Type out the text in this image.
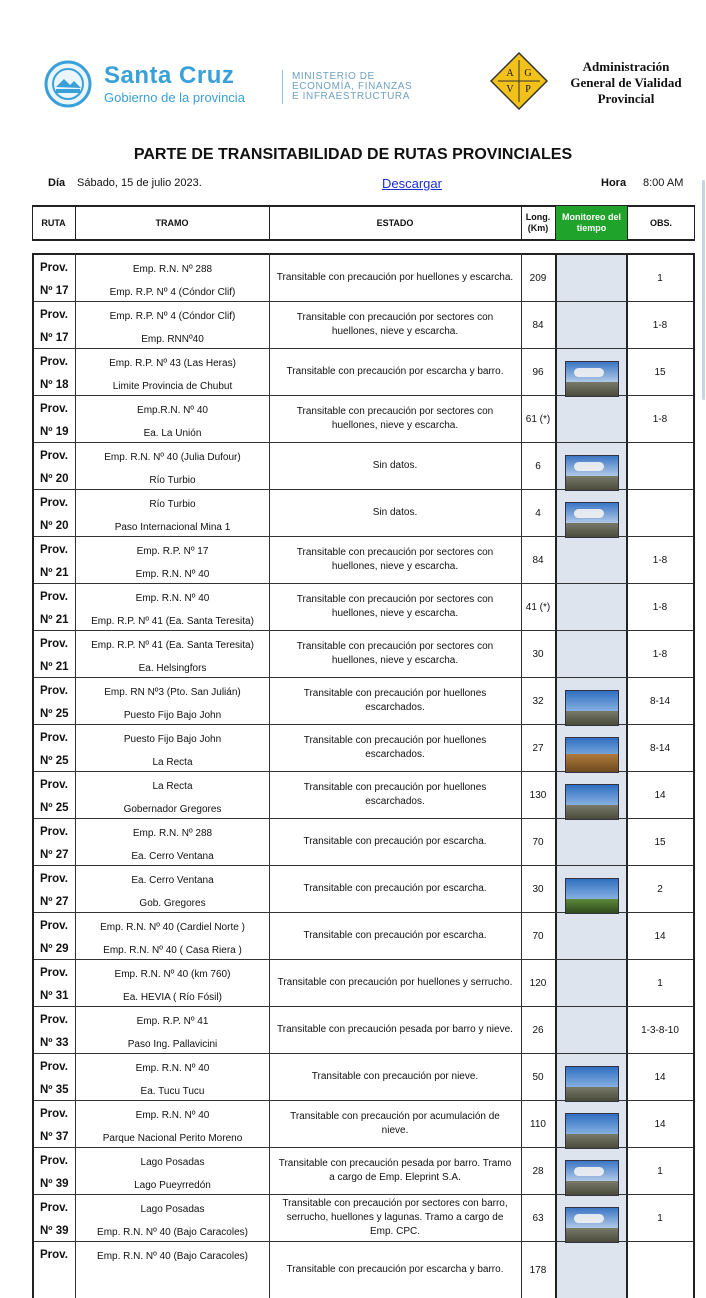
Santa Cruz
Gobierno de la provincia
MINISTERIO DE
ECONOMÍA, FINANZAS
E INFRAESTRUCTURA
A G
V P
Administración
General de Vialidad
Provincial
PARTE DE TRANSITABILIDAD DE RUTAS PROVINCIALES
Día Sábado, 15 de julio 2023.	Descargar	Hora 8:00 AM
RUTA	TRAMO	ESTADO
Long.
(Km)
Monitoreo del
tiempo
OBS.
Prov.
Nº 17
Emp. R.N. Nº 288
Emp. R.P. Nº 4 (Cóndor Clif)
Transitable con precaución por huellones y escarcha.	209	1
Prov.
Nº 17
Emp. R.P. Nº 4 (Cóndor Clif)
Emp. RNNº40
Transitable con precaución por sectores con huellones, nieve y escarcha.
84	1-8
Prov.
Nº 18
Emp. R.P. Nº 43 (Las Heras)
Limite Provincia de Chubut
Transitable con precaución por escarcha y barro.	96	15
Prov.
Nº 19
Emp.R.N. Nº 40
Ea. La Unión
Transitable con precaución por sectores con huellones, nieve y escarcha.
61 (*)	1-8
Prov.
Nº 20
Emp. R.N. Nº 40 (Julia Dufour)
Río Turbio
Sin datos.	6
Prov.
Nº 20
Río Turbio
Paso Internacional Mina 1
Sin datos.	4
Prov.
Nº 21
Emp. R.P. Nº 17
Emp. R.N. Nº 40
Transitable con precaución por sectores con huellones, nieve y escarcha.
84	1-8
Prov.
Nº 21
Emp. R.N. Nº 40
Emp. R.P. Nº 41 (Ea. Santa Teresita)
Transitable con precaución por sectores con huellones, nieve y escarcha.
41 (*)	1-8
Prov.
Nº 21
Emp. R.P. Nº 41 (Ea. Santa Teresita)
Ea. Helsingfors
Transitable con precaución por sectores con huellones, nieve y escarcha.
30	1-8
Prov.
Nº 25
Emp. RN Nº3 (Pto. San Julián)
Puesto Fijo Bajo John
Transitable con precaución por huellones escarchados.
32	8-14
Prov.
Nº 25
Puesto Fijo Bajo John
La Recta
Transitable con precaución por huellones escarchados.
27	8-14
Prov.
Nº 25
La Recta
Gobernador Gregores
Transitable con precaución por huellones escarchados.
130	14
Prov.
Nº 27
Emp. R.N. Nº 288
Ea. Cerro Ventana
Transitable con precaución por escarcha.	70	15
Prov.
Nº 27
Ea. Cerro Ventana
Gob. Gregores
Transitable con precaución por escarcha.	30	2
Prov.
Nº 29
Emp. R.N. Nº 40 (Cardiel Norte )
Emp. R.N. Nº 40 ( Casa Riera )
Transitable con precaución por escarcha.	70	14
Prov.
Nº 31
Emp. R.N. Nº 40 (km 760)
Ea. HEVIA ( Río Fósil)
Transitable con precaución por huellones y serrucho.	120	1
Prov.
Nº 33
Emp. R.P. Nº 41
Paso Ing. Pallavicini
Transitable con precaución pesada por barro y nieve.	26	1-3-8-10
Prov.
Nº 35
Emp. R.N. Nº 40
Ea. Tucu Tucu
Transitable con precaución por nieve.	50	14
Prov.
Nº 37
Emp. R.N. Nº 40
Parque Nacional Perito Moreno
Transitable con precaución por acumulación de nieve.
110	14
Prov.
Nº 39
Lago Posadas
Lago Pueyrredón
Transitable con precaución pesada por barro. Tramo a cargo de Emp. Eleprint S.A.
28	1
Prov.
Nº 39
Lago Posadas
Emp. R.N. Nº 40 (Bajo Caracoles)
Transitable con precaución por sectores con barro, serrucho, huellones y lagunas. Tramo a cargo de Emp. CPC.
63	1
Prov.	Emp. R.N. Nº 40 (Bajo Caracoles)
Transitable con precaución por escarcha y barro.	178
